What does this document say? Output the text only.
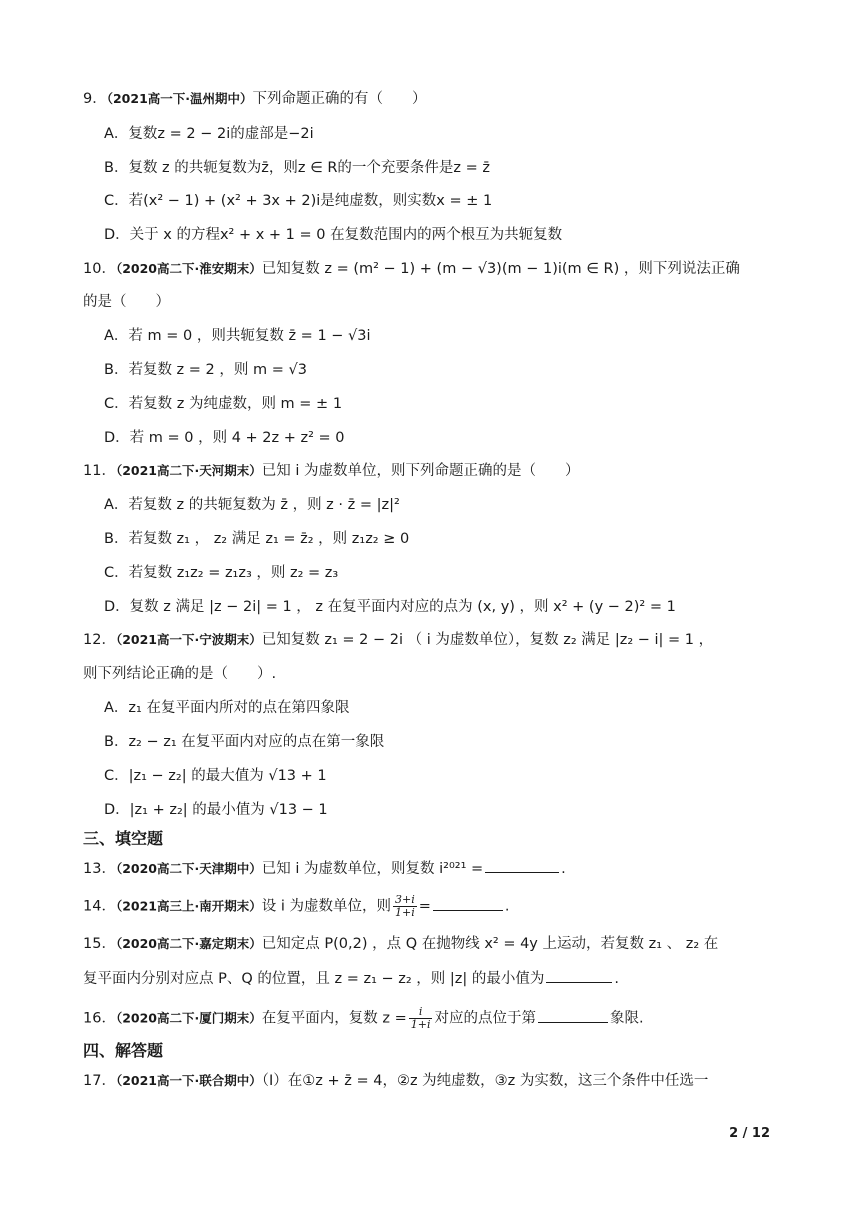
9．（2021高一下·温州期中）下列命题正确的有（　　）
A．复数z = 2 − 2i的虚部是−2i
B．复数 z 的共轭复数为z̄，则z ∈ R的一个充要条件是z = z̄
C．若(x² − 1) + (x² + 3x + 2)i是纯虚数，则实数x = ± 1
D．关于 x 的方程x² + x + 1 = 0 在复数范围内的两个根互为共轭复数
10．（2020高二下·淮安期末）已知复数 z = (m² − 1) + (m − √3)(m − 1)i(m ∈ R) ，则下列说法正确
的是（　　）
A．若 m = 0 ，则共轭复数 z̄ = 1 − √3i
B．若复数 z = 2 ，则 m = √3
C．若复数 z 为纯虚数，则 m = ± 1
D．若 m = 0 ，则 4 + 2z + z² = 0
11．（2021高二下·天河期末）已知 i 为虚数单位，则下列命题正确的是（　　）
A．若复数 z 的共轭复数为 z̄ ，则 z · z̄ = |z|²
B．若复数 z₁ ， z₂ 满足 z₁ = z̄₂ ，则 z₁z₂ ≥ 0
C．若复数 z₁z₂ = z₁z₃ ，则 z₂ = z₃
D．复数 z 满足 |z − 2i| = 1 ， z 在复平面内对应的点为 (x, y) ，则 x² + (y − 2)² = 1
12．（2021高一下·宁波期末）已知复数 z₁ = 2 − 2i （ i 为虚数单位），复数 z₂ 满足 |z₂ − i| = 1 ，
则下列结论正确的是（　　）.
A．z₁ 在复平面内所对的点在第四象限
B．z₂ − z₁ 在复平面内对应的点在第一象限
C．|z₁ − z₂| 的最大值为 √13 + 1
D．|z₁ + z₂| 的最小值为 √13 − 1
三、填空题
13．（2020高二下·天津期中）已知 i 为虚数单位，则复数 i²⁰²¹ =	.
14．（2021高三上·南开期末）设 i 为虚数单位，则 $\frac{3+i}{1+i}$ =	.
15．（2020高二下·嘉定期末）已知定点 P(0,2) ，点 Q 在抛物线 x² = 4y 上运动，若复数 z₁ 、 z₂ 在
复平面内分别对应点 P、Q 的位置，且 z = z₁ − z₂ ，则 |z| 的最小值为	.
16．（2020高二下·厦门期末）在复平面内，复数 $z = \frac{i}{1+i}$ 对应的点位于第	象限.
四、解答题
17．（2021高一下·联合期中）（I）在①z + z̄ = 4，②z 为纯虚数，③z 为实数，这三个条件中任选一
2 / 12
